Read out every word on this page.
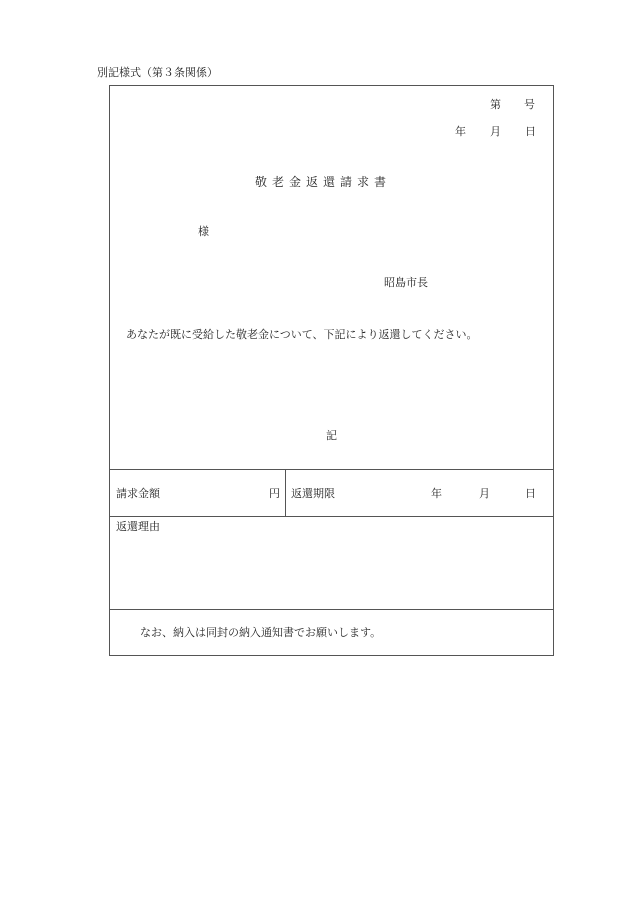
別記様式（第３条関係）
第 号
年 月 日
敬老金返還請求書
様
昭島市長
あなたが既に受給した敬老金について、下記により返還してください。
記
請求金額	円 返還期限	年	月	日
返還理由
なお、納入は同封の納入通知書でお願いします。
